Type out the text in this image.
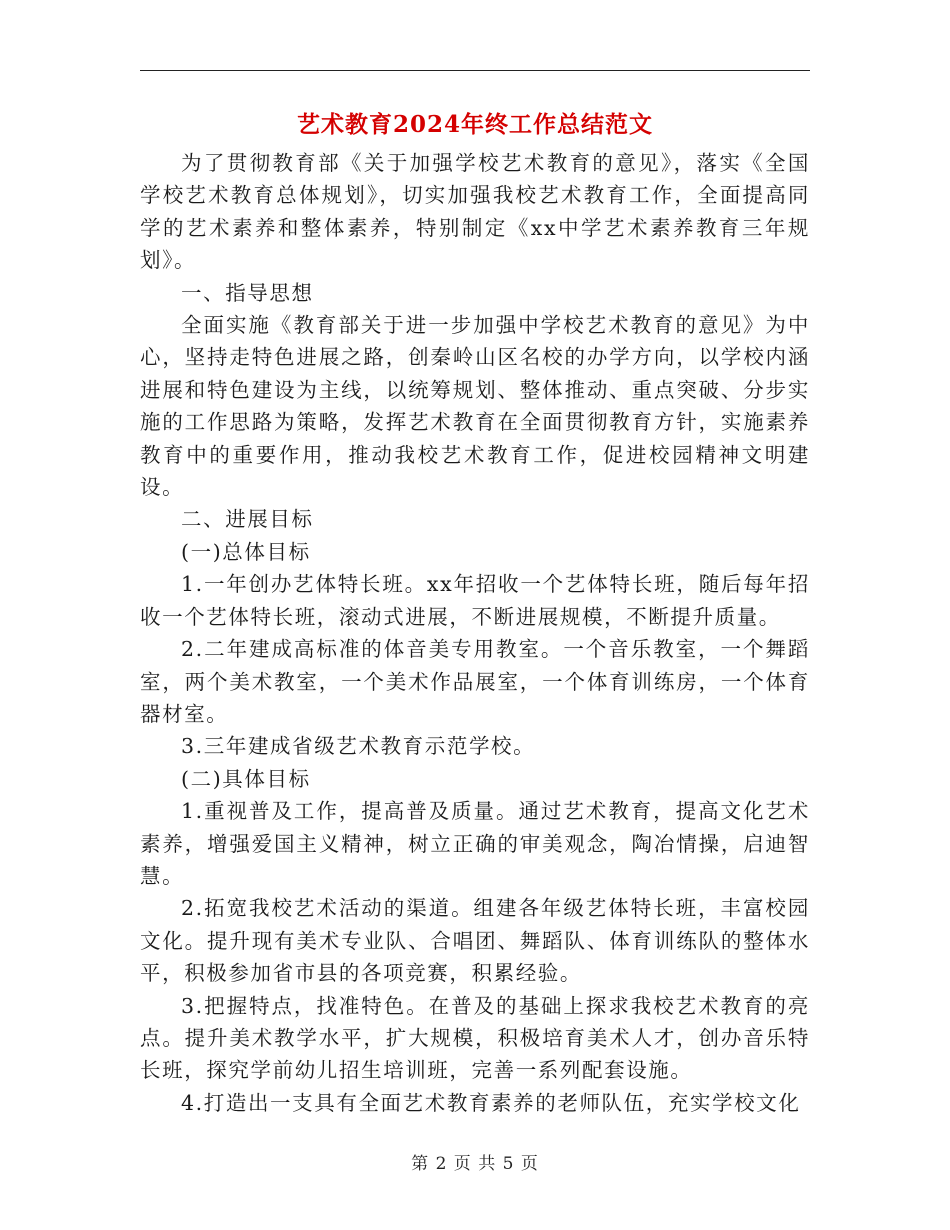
艺术教育2024年终工作总结范文

为了贯彻教育部《关于加强学校艺术教育的意见》，落实《全国学校艺术教育总体规划》，切实加强我校艺术教育工作，全面提高同学的艺术素养和整体素养，特别制定《xx中学艺术素养教育三年规划》。

一、指导思想

全面实施《教育部关于进一步加强中学校艺术教育的意见》为中心，坚持走特色进展之路，创秦岭山区名校的办学方向，以学校内涵进展和特色建设为主线，以统筹规划、整体推动、重点突破、分步实施的工作思路为策略，发挥艺术教育在全面贯彻教育方针，实施素养教育中的重要作用，推动我校艺术教育工作，促进校园精神文明建设。

二、进展目标

(一)总体目标

1.一年创办艺体特长班。xx年招收一个艺体特长班，随后每年招收一个艺体特长班，滚动式进展，不断进展规模，不断提升质量。

2.二年建成高标准的体音美专用教室。一个音乐教室，一个舞蹈室，两个美术教室，一个美术作品展室，一个体育训练房，一个体育器材室。

3.三年建成省级艺术教育示范学校。

(二)具体目标

1.重视普及工作，提高普及质量。通过艺术教育，提高文化艺术素养，增强爱国主义精神，树立正确的审美观念，陶冶情操，启迪智慧。

2.拓宽我校艺术活动的渠道。组建各年级艺体特长班，丰富校园文化。提升现有美术专业队、合唱团、舞蹈队、体育训练队的整体水平，积极参加省市县的各项竞赛，积累经验。

3.把握特点，找准特色。在普及的基础上探求我校艺术教育的亮点。提升美术教学水平，扩大规模，积极培育美术人才，创办音乐特长班，探究学前幼儿招生培训班，完善一系列配套设施。

4.打造出一支具有全面艺术教育素养的老师队伍，充实学校文化

第 2 页 共 5 页
